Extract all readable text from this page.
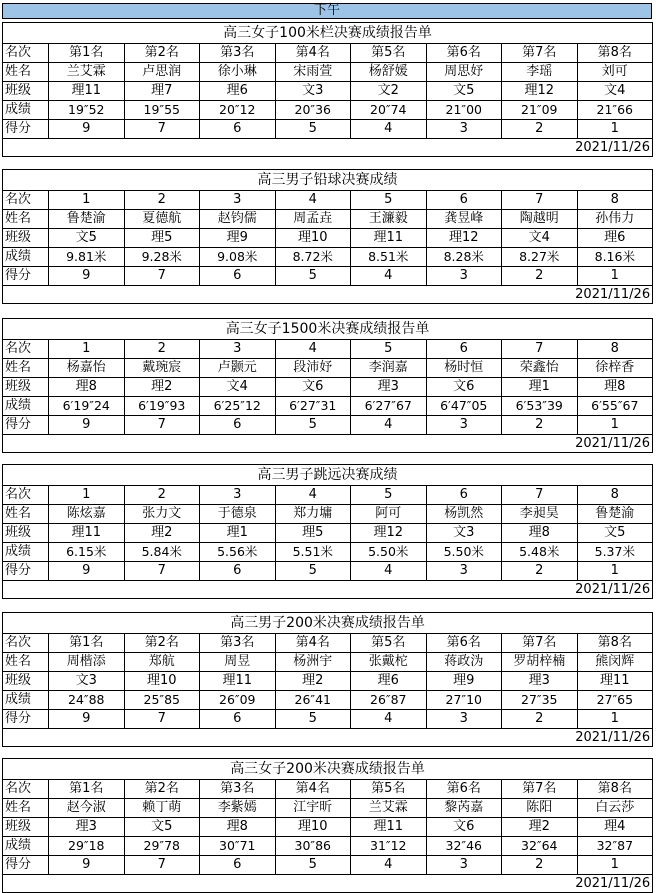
下午
高三女子100米栏决赛成绩报告单								
名次	第1名	第2名	第3名	第4名	第5名	第6名	第7名	第8名
姓名	兰艾霖	卢思润	徐小琳	宋雨萱	杨舒媛	周思妤	李瑶	刘可
班级	理11	理7	理6	文3	文2	文5	理12	文4
成绩	19″52	19″55	20″12	20″36	20″74	21″00	21″09	21″66
得分	9	7	6	5	4	3	2	1
2021/11/26								
高三男子铅球决赛成绩								
名次	1	2	3	4	5	6	7	8
姓名	鲁楚渝	夏德航	赵钧儒	周孟垚	王濂毅	龚昱峰	陶越明	孙伟力
班级	文5	理5	理9	理10	理11	理12	文4	理6
成绩	9.81米	9.28米	9.08米	8.72米	8.51米	8.28米	8.27米	8.16米
得分	9	7	6	5	4	3	2	1
2021/11/26								
高三女子1500米决赛成绩报告单								
名次	1	2	3	4	5	6	7	8
姓名	杨嘉怡	戴琬宸	卢颢元	段沛妤	李润嘉	杨时恒	荣鑫怡	徐梓香
班级	理8	理2	文4	文6	理3	文6	理1	理8
成绩	6′19″24	6′19″93	6′25″12	6′27″31	6′27″67	6′47″05	6′53″39	6′55″67
得分	9	7	6	5	4	3	2	1
2021/11/26								
高三男子跳远决赛成绩								
名次	1	2	3	4	5	6	7	8
姓名	陈炫嘉	张力文	于德泉	郑力墉	阿可	杨凯然	李昶昊	鲁楚渝
班级	理11	理2	理1	理5	理12	文3	理8	文5
成绩	6.15米	5.84米	5.56米	5.51米	5.50米	5.50米	5.48米	5.37米
得分	9	7	6	5	4	3	2	1
2021/11/26								
高三男子200米决赛成绩报告单								
名次	第1名	第2名	第3名	第4名	第5名	第6名	第7名	第8名
姓名	周楷添	郑航	周昱	杨洲宇	张戴柁	蒋政沩	罗胡梓楠	熊闵辉
班级	文3	理10	理11	理2	理6	理9	理3	理11
成绩	24″88	25″85	26″09	26″41	26″87	27″10	27″35	27″65
得分	9	7	6	5	4	3	2	1
2021/11/26								
高三女子200米决赛成绩报告单								
名次	第1名	第2名	第3名	第4名	第5名	第6名	第7名	第8名
姓名	赵今淑	赖丁萌	李紫嫣	江宇昕	兰艾霖	黎芮嘉	陈阳	白云莎
班级	理3	文5	理8	理10	理11	文6	理2	理4
成绩	29″18	29″78	30″71	30″86	31″12	32″46	32″64	32″87
得分	9	7	6	5	4	3	2	1
2021/11/26								
